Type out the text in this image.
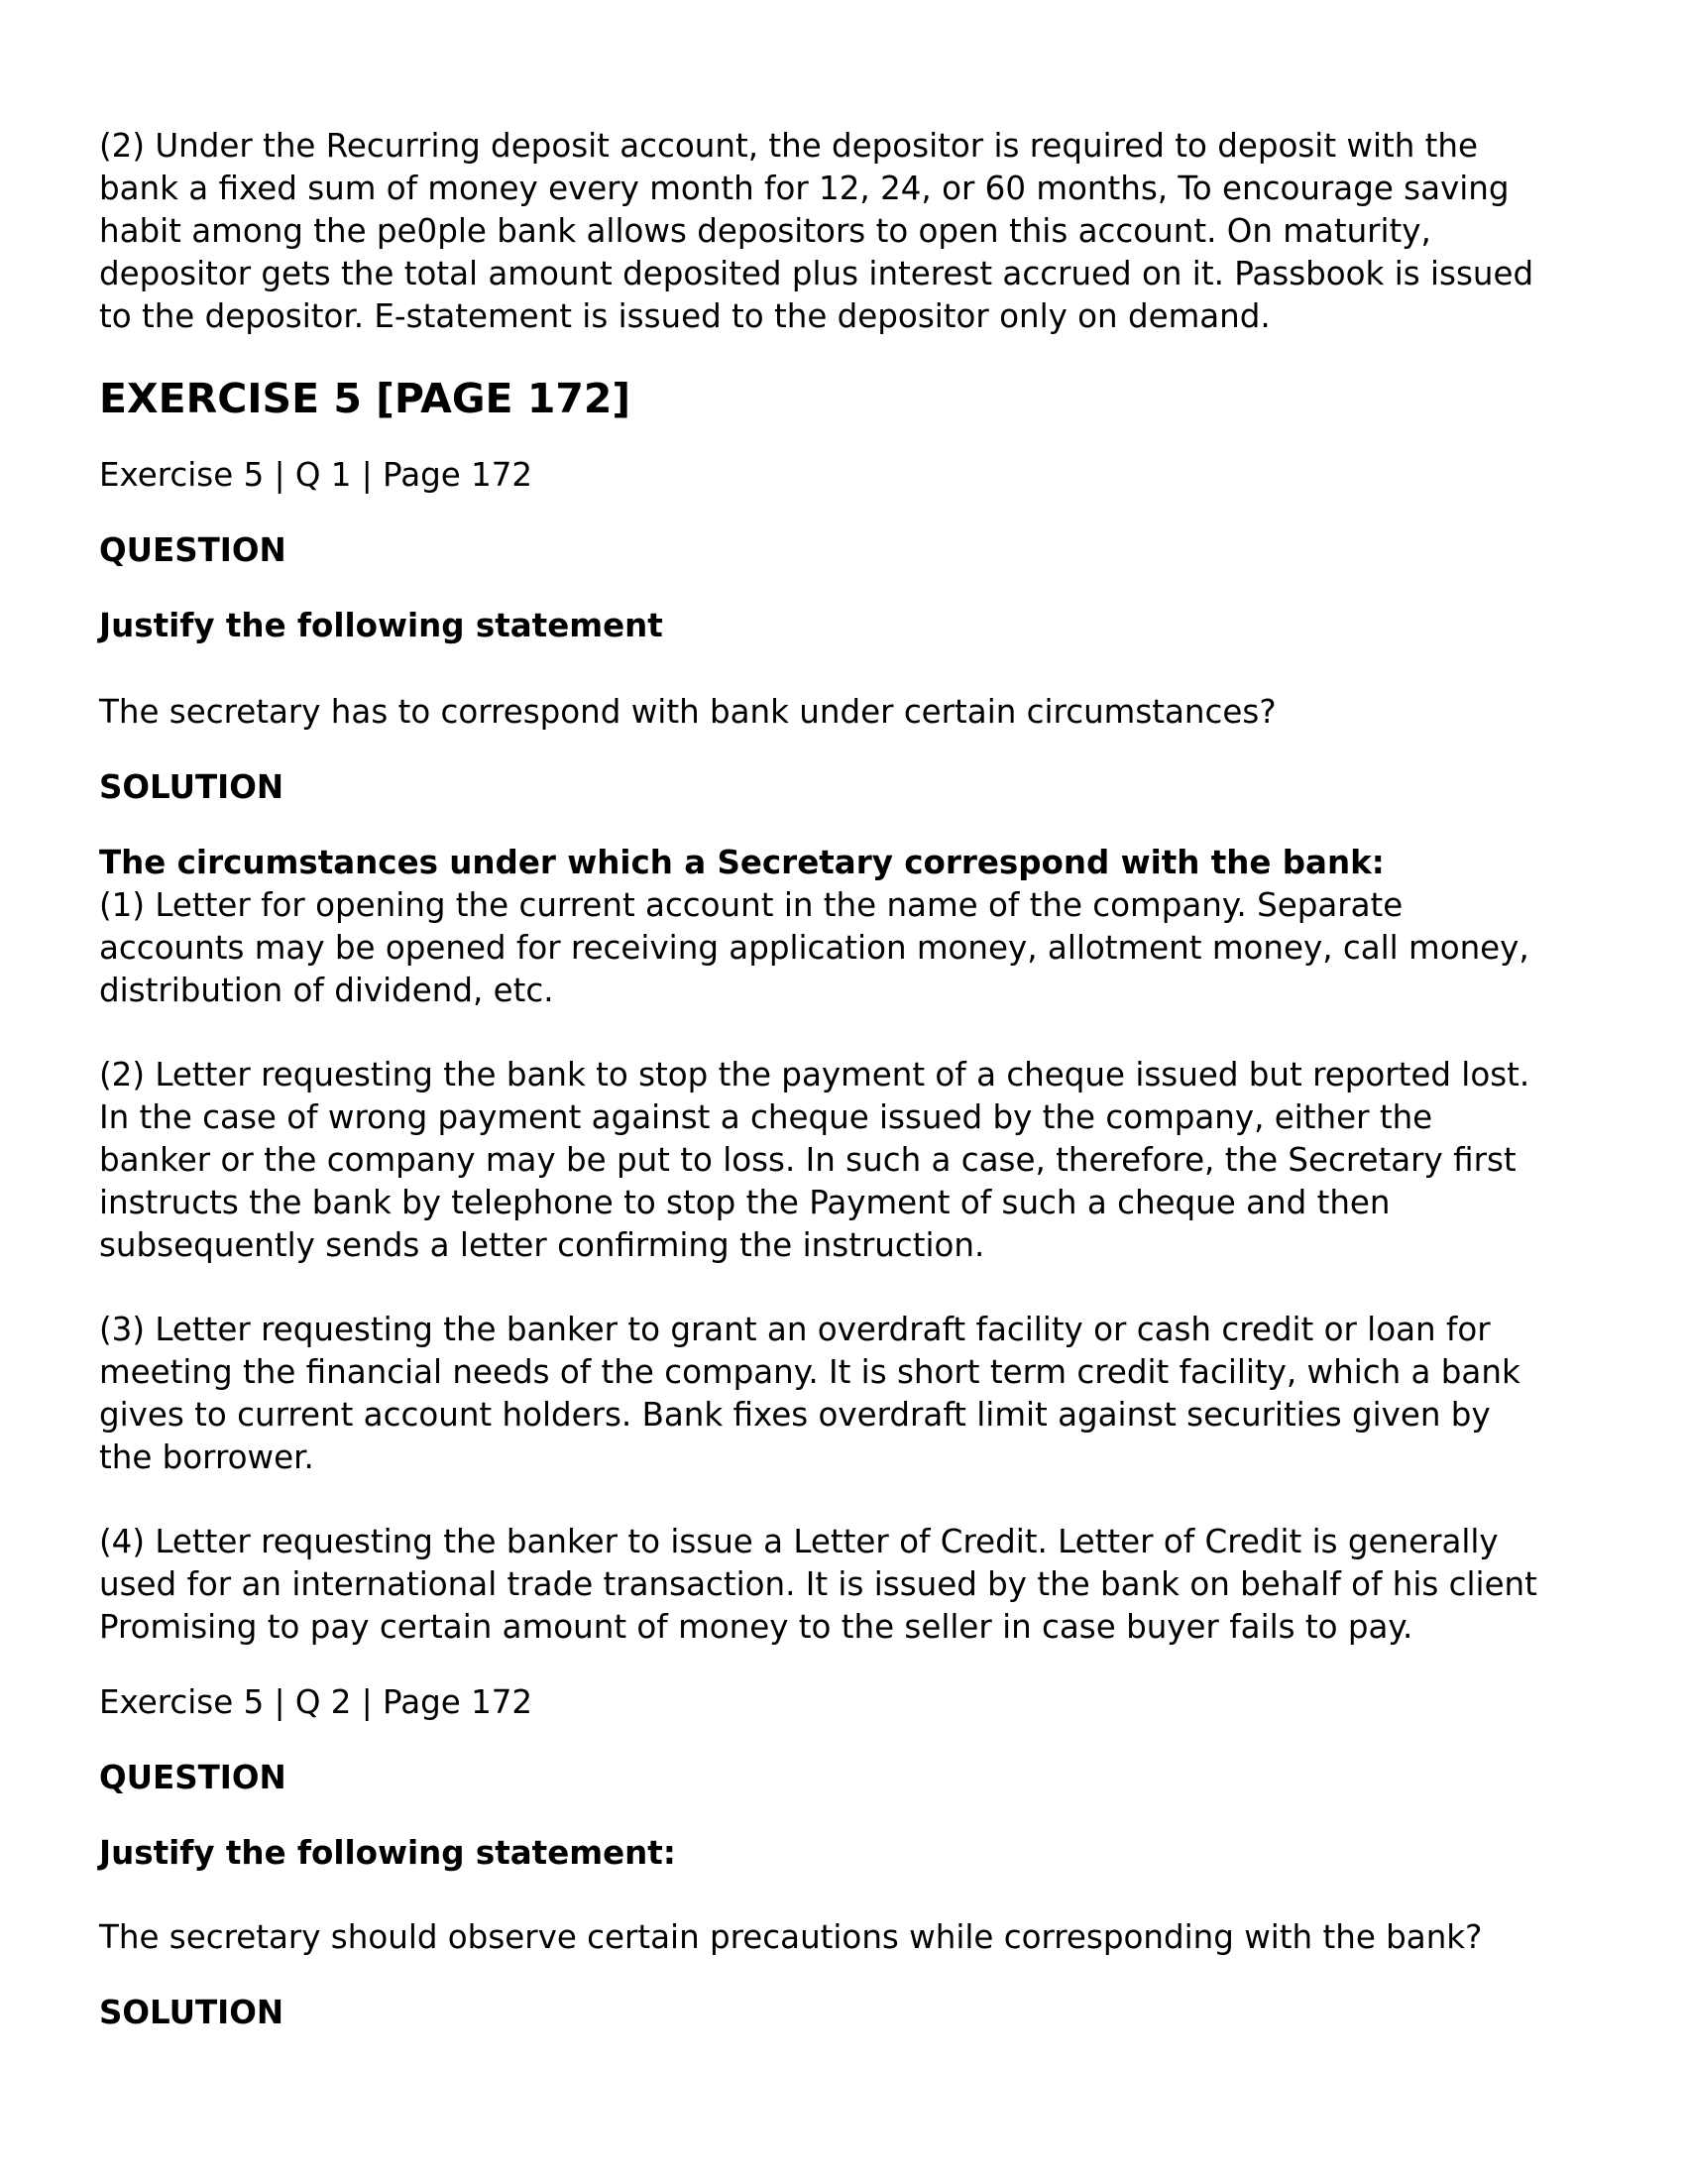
(2) Under the Recurring deposit account, the depositor is required to deposit with the
bank a fixed sum of money every month for 12, 24, or 60 months, To encourage saving
habit among the pe0ple bank allows depositors to open this account. On maturity,
depositor gets the total amount deposited plus interest accrued on it. Passbook is issued
to the depositor. E-statement is issued to the depositor only on demand.
EXERCISE 5 [PAGE 172]

Exercise 5 | Q 1 | Page 172

QUESTION

Justify the following statement

The secretary has to correspond with bank under certain circumstances?

SOLUTION

The circumstances under which a Secretary correspond with the bank:

(1) Letter for opening the current account in the name of the company. Separate
accounts may be opened for receiving application money, allotment money, call money,
distribution of dividend, etc.
(2) Letter requesting the bank to stop the payment of a cheque issued but reported lost.
In the case of wrong payment against a cheque issued by the company, either the
banker or the company may be put to loss. In such a case, therefore, the Secretary first
instructs the bank by telephone to stop the Payment of such a cheque and then
subsequently sends a letter confirming the instruction.
(3) Letter requesting the banker to grant an overdraft facility or cash credit or loan for
meeting the financial needs of the company. It is short term credit facility, which a bank
gives to current account holders. Bank fixes overdraft limit against securities given by
the borrower.
(4) Letter requesting the banker to issue a Letter of Credit. Letter of Credit is generally
used for an international trade transaction. It is issued by the bank on behalf of his client
Promising to pay certain amount of money to the seller in case buyer fails to pay.

Exercise 5 | Q 2 | Page 172

QUESTION

Justify the following statement:

The secretary should observe certain precautions while corresponding with the bank?

SOLUTION
